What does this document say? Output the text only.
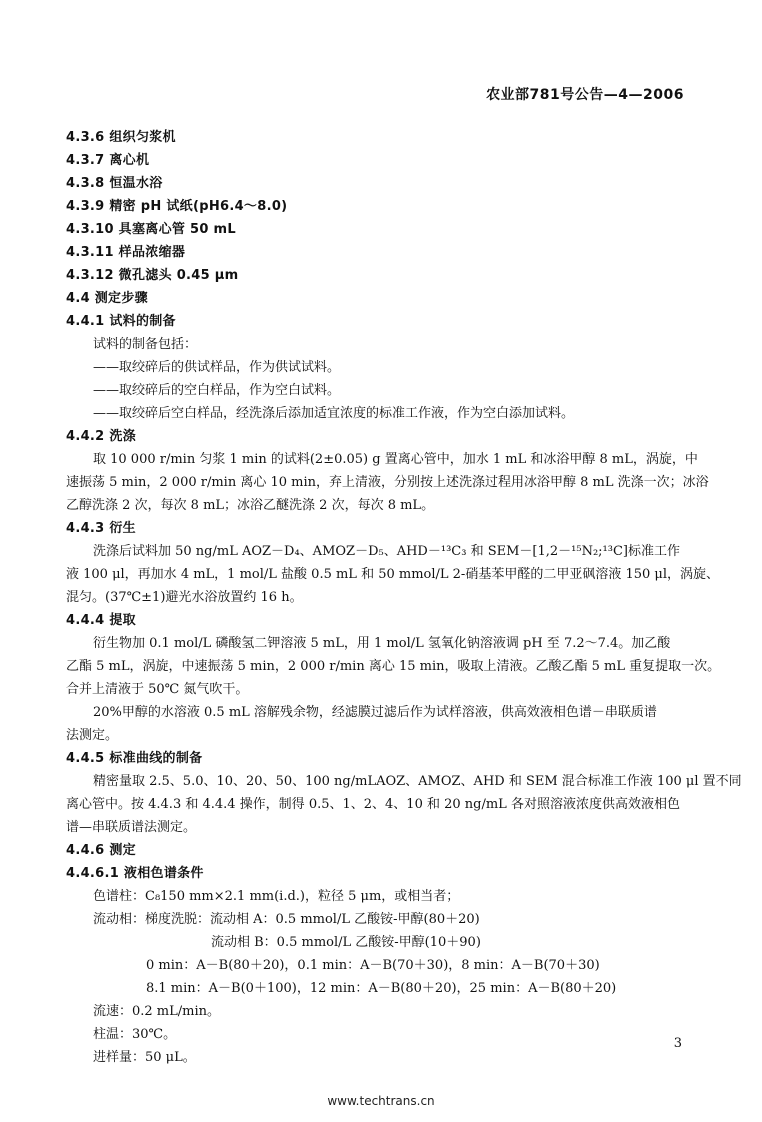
农业部781号公告—4—2006
4.3.6 组织匀浆机
4.3.7 离心机
4.3.8 恒温水浴
4.3.9 精密 pH 试纸(pH6.4～8.0)
4.3.10 具塞离心管 50 mL
4.3.11 样品浓缩器
4.3.12 微孔滤头 0.45 μm
4.4 测定步骤
4.4.1 试料的制备
试料的制备包括：
——取绞碎后的供试样品，作为供试试料。
——取绞碎后的空白样品，作为空白试料。
——取绞碎后空白样品，经洗涤后添加适宜浓度的标准工作液，作为空白添加试料。
4.4.2 洗涤
取 10 000 r/min 匀浆 1 min 的试料(2±0.05) g 置离心管中，加水 1 mL 和冰浴甲醇 8 mL，涡旋，中
速振荡 5 min，2 000 r/min 离心 10 min，弃上清液，分别按上述洗涤过程用冰浴甲醇 8 mL 洗涤一次；冰浴
乙醇洗涤 2 次，每次 8 mL；冰浴乙醚洗涤 2 次，每次 8 mL。
4.4.3 衍生
洗涤后试料加 50 ng/mL AOZ－D₄、AMOZ－D₅、AHD－¹³C₃ 和 SEM－[1,2－¹⁵N₂;¹³C]标准工作
液 100 μl，再加水 4 mL，1 mol/L 盐酸 0.5 mL 和 50 mmol/L 2-硝基苯甲醛的二甲亚砜溶液 150 μl，涡旋、
混匀。(37℃±1)避光水浴放置约 16 h。
4.4.4 提取
衍生物加 0.1 mol/L 磷酸氢二钾溶液 5 mL，用 1 mol/L 氢氧化钠溶液调 pH 至 7.2～7.4。加乙酸
乙酯 5 mL，涡旋，中速振荡 5 min，2 000 r/min 离心 15 min，吸取上清液。乙酸乙酯 5 mL 重复提取一次。
合并上清液于 50℃ 氮气吹干。
20%甲醇的水溶液 0.5 mL 溶解残余物，经滤膜过滤后作为试样溶液，供高效液相色谱－串联质谱
法测定。
4.4.5 标准曲线的制备
精密量取 2.5、5.0、10、20、50、100 ng/mLAOZ、AMOZ、AHD 和 SEM 混合标准工作液 100 μl 置不同
离心管中。按 4.4.3 和 4.4.4 操作，制得 0.5、1、2、4、10 和 20 ng/mL 各对照溶液浓度供高效液相色
谱—串联质谱法测定。
4.4.6 测定
4.4.6.1 液相色谱条件
色谱柱：C₈150 mm×2.1 mm(i.d.)，粒径 5 μm，或相当者；
流动相：梯度洗脱：流动相 A：0.5 mmol/L 乙酸铵-甲醇(80＋20)
流动相 B：0.5 mmol/L 乙酸铵-甲醇(10＋90)
0 min：A－B(80＋20)，0.1 min：A－B(70＋30)，8 min：A－B(70＋30)
8.1 min：A－B(0＋100)，12 min：A－B(80＋20)，25 min：A－B(80＋20)
流速：0.2 mL/min。
柱温：30℃。
进样量：50 μL。
3
www.techtrans.cn
